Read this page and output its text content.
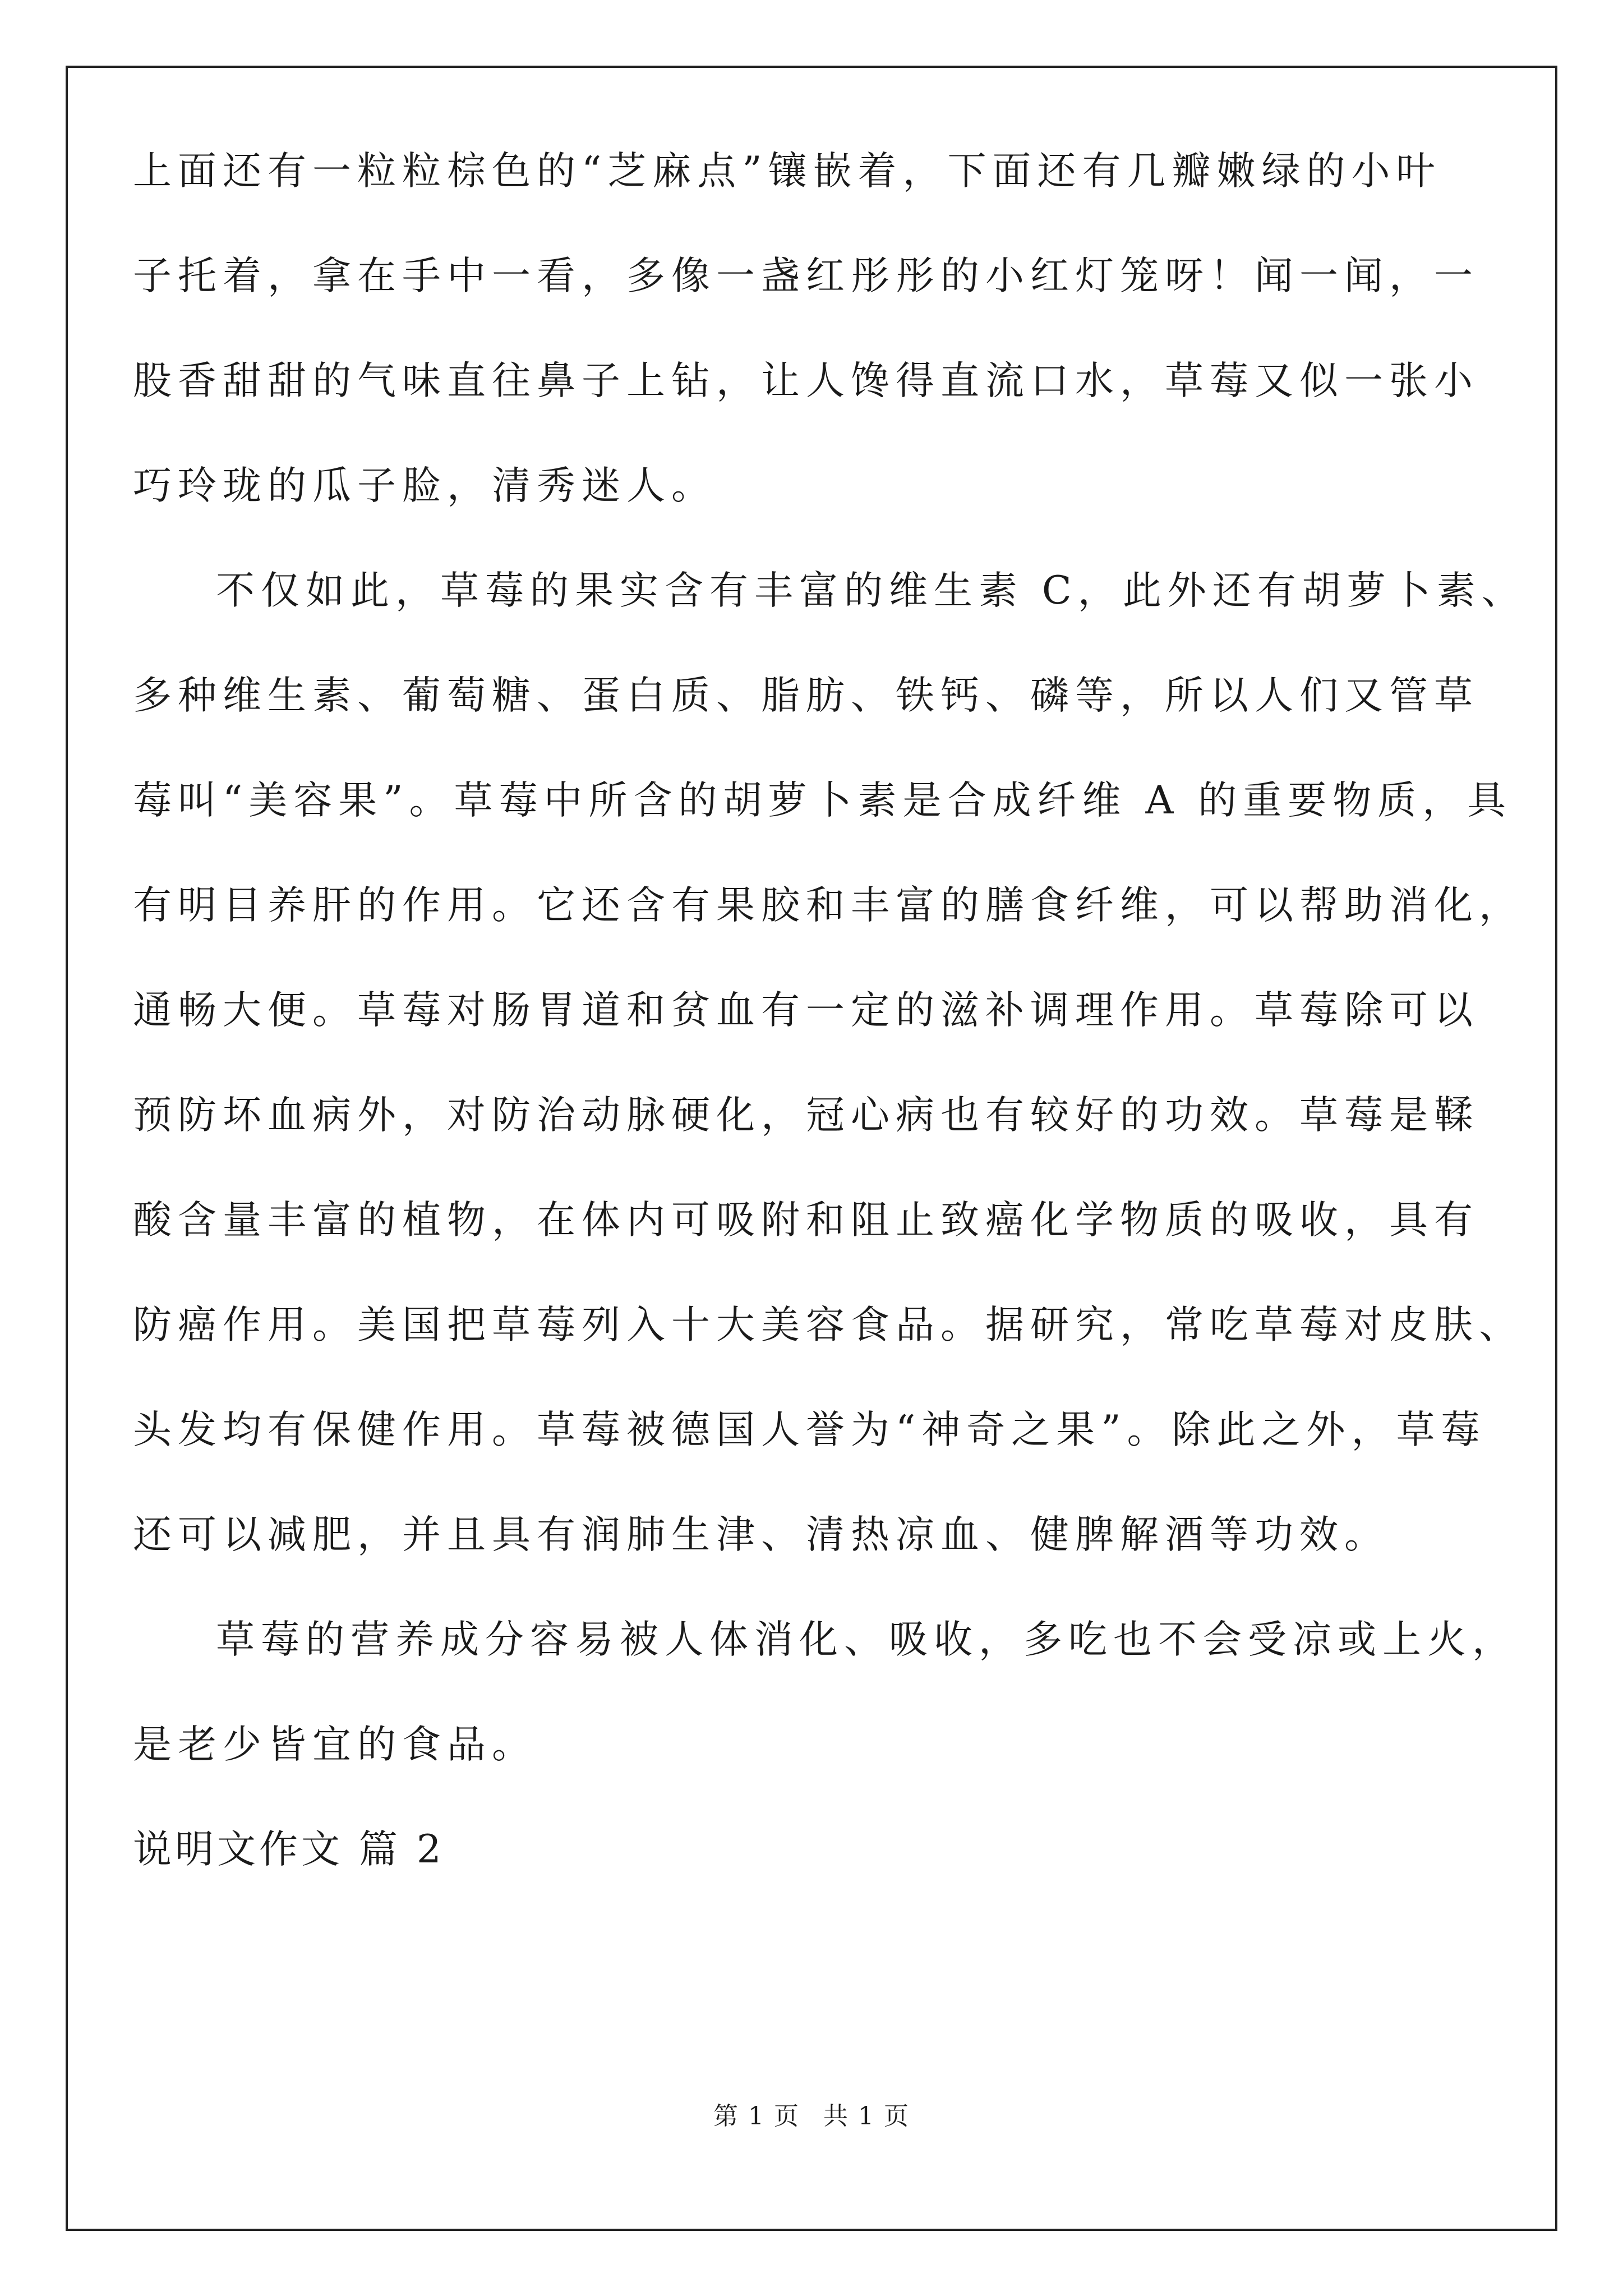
上面还有一粒粒棕色的“芝麻点”镶嵌着，下面还有几瓣嫩绿的小叶
子托着，拿在手中一看，多像一盏红彤彤的小红灯笼呀！闻一闻，一
股香甜甜的气味直往鼻子上钻，让人馋得直流口水，草莓又似一张小
巧玲珑的瓜子脸，清秀迷人。
不仅如此，草莓的果实含有丰富的维生素 C，此外还有胡萝卜素、
多种维生素、葡萄糖、蛋白质、脂肪、铁钙、磷等，所以人们又管草
莓叫“美容果”。草莓中所含的胡萝卜素是合成纤维 A 的重要物质，具
有明目养肝的作用。它还含有果胶和丰富的膳食纤维，可以帮助消化，
通畅大便。草莓对肠胃道和贫血有一定的滋补调理作用。草莓除可以
预防坏血病外，对防治动脉硬化，冠心病也有较好的功效。草莓是鞣
酸含量丰富的植物，在体内可吸附和阻止致癌化学物质的吸收，具有
防癌作用。美国把草莓列入十大美容食品。据研究，常吃草莓对皮肤、
头发均有保健作用。草莓被德国人誉为“神奇之果”。除此之外，草莓
还可以减肥，并且具有润肺生津、清热凉血、健脾解酒等功效。
草莓的营养成分容易被人体消化、吸收，多吃也不会受凉或上火，
是老少皆宜的食品。
说明文作文 篇 2
第 1 页 共 1 页
